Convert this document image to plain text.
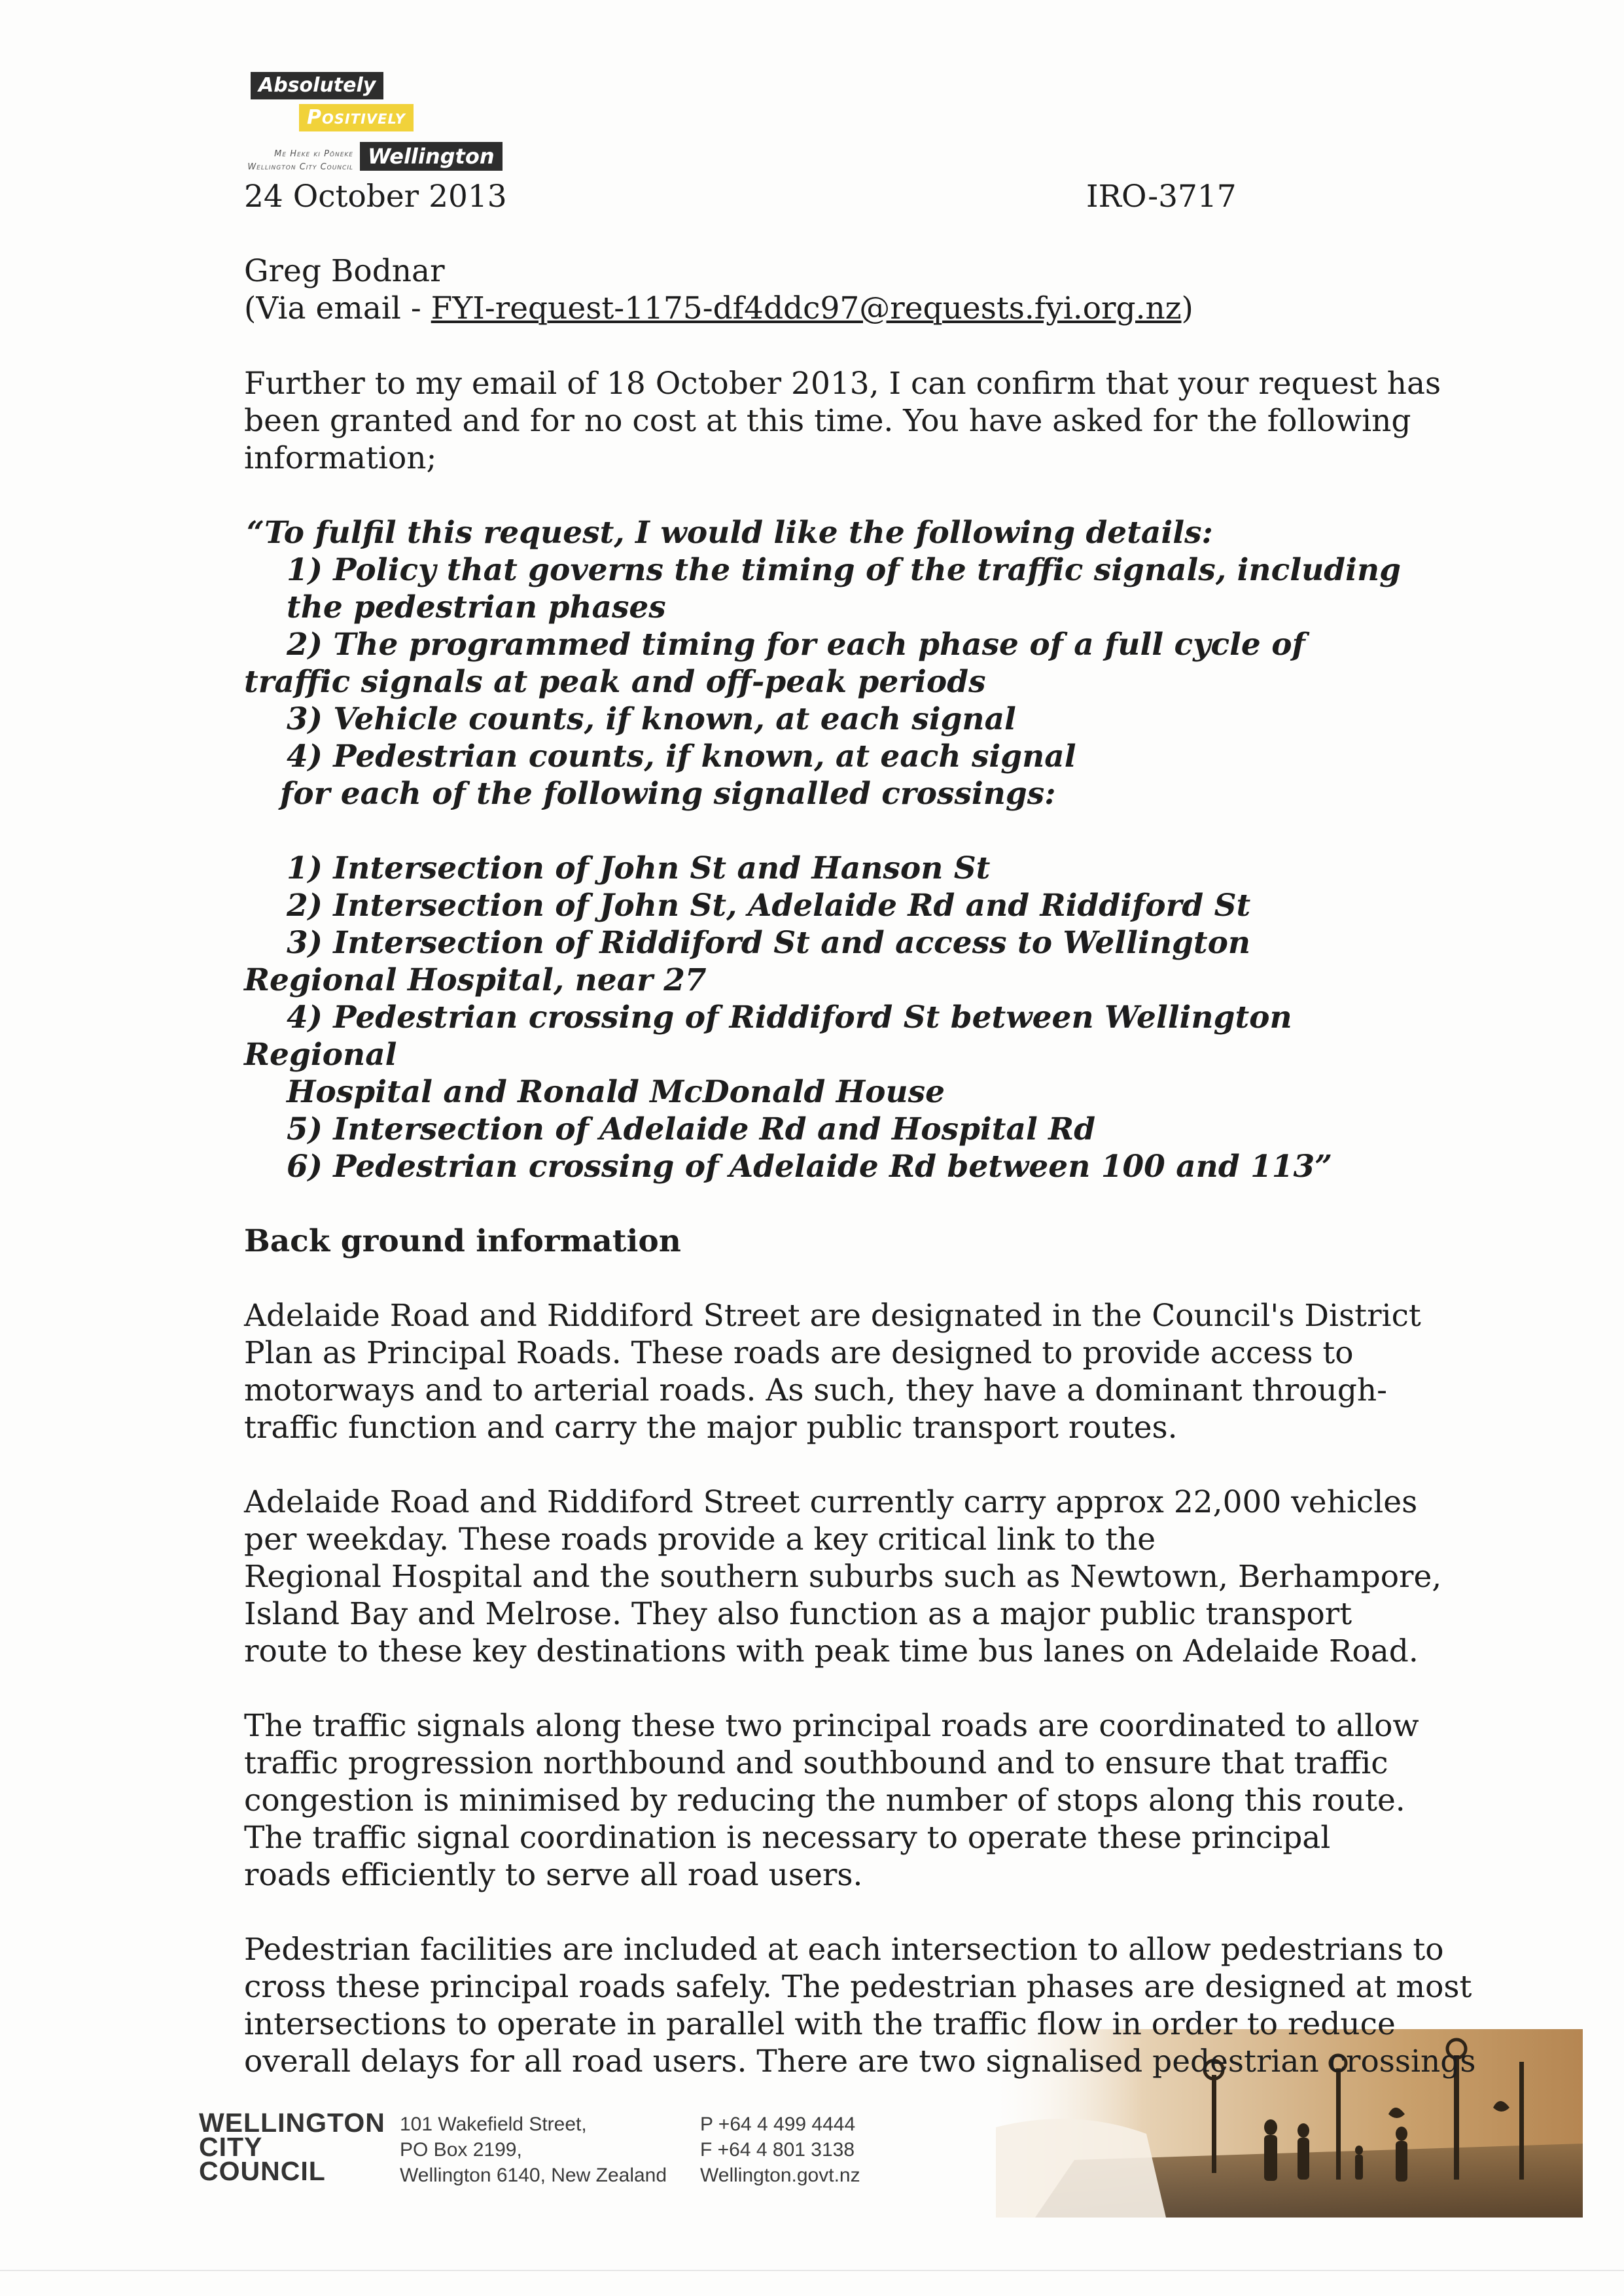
Absolutely
Positively
Wellington
Me Heke ki Pōneke
Wellington City Council
24 October 2013	IRO-3717
Greg Bodnar
(Via email - FYI-request-1175-df4ddc97@requests.fyi.org.nz)
Further to my email of 18 October 2013, I can confirm that your request has
been granted and for no cost at this time. You have asked for the following
information;
“To fulfil this request, I would like the following details:
1) Policy that governs the timing of the traffic signals, including
the pedestrian phases
2) The programmed timing for each phase of a full cycle of
traffic signals at peak and off-peak periods
3) Vehicle counts, if known, at each signal
4) Pedestrian counts, if known, at each signal
for each of the following signalled crossings:
1) Intersection of John St and Hanson St
2) Intersection of John St, Adelaide Rd and Riddiford St
3) Intersection of Riddiford St and access to Wellington
Regional Hospital, near 27
4) Pedestrian crossing of Riddiford St between Wellington
Regional
Hospital and Ronald McDonald House
5) Intersection of Adelaide Rd and Hospital Rd
6) Pedestrian crossing of Adelaide Rd between 100 and 113”
Back ground information
Adelaide Road and Riddiford Street are designated in the Council's District
Plan as Principal Roads. These roads are designed to provide access to
motorways and to arterial roads. As such, they have a dominant through-
traffic function and carry the major public transport routes.
Adelaide Road and Riddiford Street currently carry approx 22,000 vehicles
per weekday. These roads provide a key critical link to the
Regional Hospital and the southern suburbs such as Newtown, Berhampore,
Island Bay and Melrose. They also function as a major public transport
route to these key destinations with peak time bus lanes on Adelaide Road.
The traffic signals along these two principal roads are coordinated to allow
traffic progression northbound and southbound and to ensure that traffic
congestion is minimised by reducing the number of stops along this route.
The traffic signal coordination is necessary to operate these principal
roads efficiently to serve all road users.
Pedestrian facilities are included at each intersection to allow pedestrians to
cross these principal roads safely. The pedestrian phases are designed at most
intersections to operate in parallel with the traffic flow in order to reduce
overall delays for all road users. There are two signalised pedestrian crossings
WELLINGTON
CITY
COUNCIL
101 Wakefield Street,
PO Box 2199,
Wellington 6140, New Zealand
P +64 4 499 4444
F +64 4 801 3138
Wellington.govt.nz
